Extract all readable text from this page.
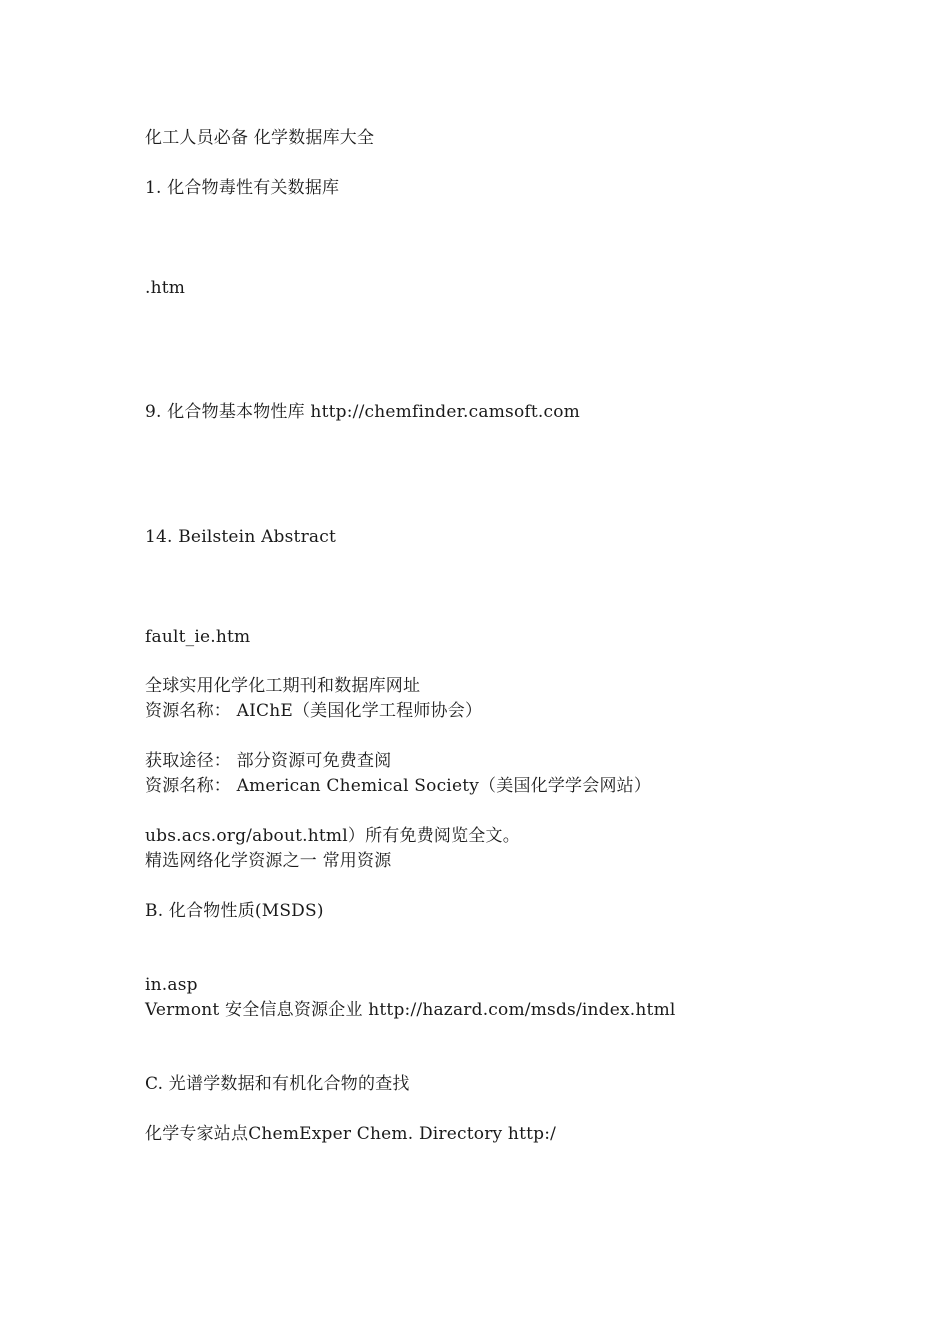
化工人员必备 化学数据库大全
1. 化合物毒性有关数据库
.htm
9. 化合物基本物性库 http://chemfinder.camsoft.com
14. Beilstein Abstract
fault_ie.htm
全球实用化学化工期刊和数据库网址
资源名称： AIChE（美国化学工程师协会）
获取途径： 部分资源可免费查阅
资源名称： American Chemical Society（美国化学学会网站）
ubs.acs.org/about.html）所有免费阅览全文。
精选网络化学资源之一 常用资源
B. 化合物性质(MSDS)
in.asp
Vermont 安全信息资源企业 http://hazard.com/msds/index.html
C. 光谱学数据和有机化合物的查找
化学专家站点ChemExper Chem. Directory http:/
